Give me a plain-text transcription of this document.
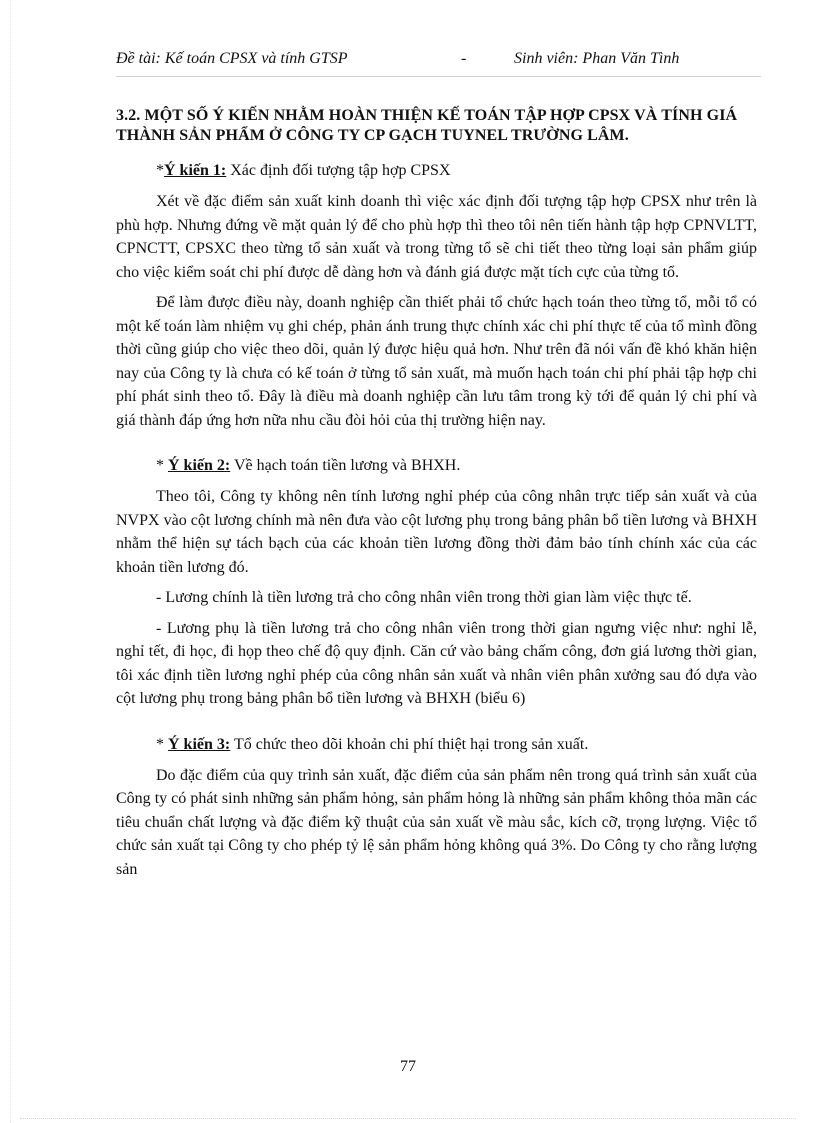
Đề tài: Kế toán CPSX và tính GTSP	-	Sinh viên: Phan Văn Tình
3.2. MỘT SỐ Ý KIẾN NHẰM HOÀN THIỆN KẾ TOÁN TẬP HỢP CPSX VÀ TÍNH GIÁ THÀNH SẢN PHẨM Ở CÔNG TY CP GẠCH TUYNEL TRƯỜNG LÂM.
*Ý kiến 1: Xác định đối tượng tập hợp CPSX

Xét về đặc điểm sản xuất kinh doanh thì việc xác định đối tượng tập hợp CPSX như trên là phù hợp. Nhưng đứng về mặt quản lý để cho phù hợp thì theo tôi nên tiến hành tập hợp CPNVLTT, CPNCTT, CPSXC theo từng tổ sản xuất và trong từng tổ sẽ chi tiết theo từng loại sản phẩm giúp cho việc kiểm soát chi phí được dễ dàng hơn và đánh giá được mặt tích cực của từng tổ.

Để làm được điều này, doanh nghiệp cần thiết phải tổ chức hạch toán theo từng tổ, mỗi tổ có một kế toán làm nhiệm vụ ghi chép, phản ánh trung thực chính xác chi phí thực tế của tổ mình đồng thời cũng giúp cho việc theo dõi, quản lý được hiệu quả hơn. Như trên đã nói vấn đề khó khăn hiện nay của Công ty là chưa có kế toán ở từng tổ sản xuất, mà muốn hạch toán chi phí phải tập hợp chi phí phát sinh theo tổ. Đây là điều mà doanh nghiệp cần lưu tâm trong kỳ tới để quản lý chi phí và giá thành đáp ứng hơn nữa nhu cầu đòi hỏi của thị trường hiện nay.

* Ý kiến 2: Về hạch toán tiền lương và BHXH.

Theo tôi, Công ty không nên tính lương nghỉ phép của công nhân trực tiếp sản xuất và của NVPX vào cột lương chính mà nên đưa vào cột lương phụ trong bảng phân bổ tiền lương và BHXH nhằm thể hiện sự tách bạch của các khoản tiền lương đồng thời đảm bảo tính chính xác của các khoản tiền lương đó.

- Lương chính là tiền lương trả cho công nhân viên trong thời gian làm việc thực tế.

- Lương phụ là tiền lương trả cho công nhân viên trong thời gian ngưng việc như: nghỉ lễ, nghỉ tết, đi học, đi họp theo chế độ quy định. Căn cứ vào bảng chấm công, đơn giá lương thời gian, tôi xác định tiền lương nghỉ phép của công nhân sản xuất và nhân viên phân xưởng sau đó dựa vào cột lương phụ trong bảng phân bổ tiền lương và BHXH (biểu 6)

* Ý kiến 3: Tổ chức theo dõi khoản chi phí thiệt hại trong sản xuất.

Do đặc điểm của quy trình sản xuất, đặc điểm của sản phẩm nên trong quá trình sản xuất của Công ty có phát sinh những sản phẩm hỏng, sản phẩm hỏng là những sản phẩm không thỏa mãn các tiêu chuẩn chất lượng và đặc điểm kỹ thuật của sản xuất về màu sắc, kích cỡ, trọng lượng. Việc tổ chức sản xuất tại Công ty cho phép tỷ lệ sản phẩm hỏng không quá 3%. Do Công ty cho rằng lượng sản

77
